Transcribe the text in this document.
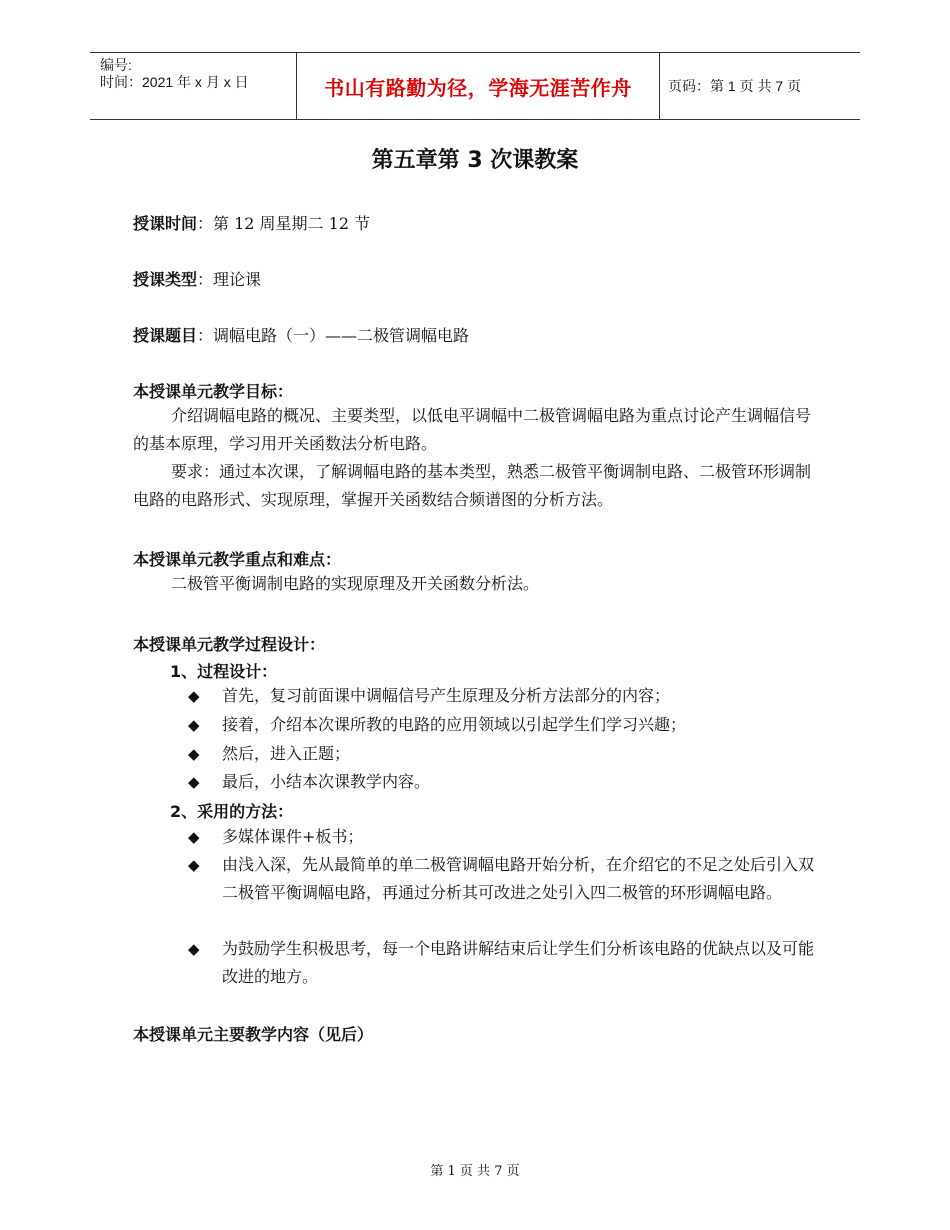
编号:
时间：2021 年 x 月 x 日	书山有路勤为径，学海无涯苦作舟	页码：第 1 页 共 7 页
第五章第 3 次课教案
授课时间：第 12 周星期二 12 节
授课类型：理论课
授课题目：调幅电路（一）——二极管调幅电路
本授课单元教学目标：
介绍调幅电路的概况、主要类型，以低电平调幅中二极管调幅电路为重点讨论产生调幅信号的基本原理，学习用开关函数法分析电路。
要求：通过本次课，了解调幅电路的基本类型，熟悉二极管平衡调制电路、二极管环形调制电路的电路形式、实现原理，掌握开关函数结合频谱图的分析方法。
本授课单元教学重点和难点：
二极管平衡调制电路的实现原理及开关函数分析法。
本授课单元教学过程设计：
1、过程设计：
◆	首先，复习前面课中调幅信号产生原理及分析方法部分的内容；
◆	接着，介绍本次课所教的电路的应用领域以引起学生们学习兴趣；
◆	然后，进入正题；
◆	最后，小结本次课教学内容。
2、采用的方法：
◆	多媒体课件+板书；
◆	由浅入深，先从最简单的单二极管调幅电路开始分析，在介绍它的不足之处后引入双二极管平衡调幅电路，再通过分析其可改进之处引入四二极管的环形调幅电路。
◆	为鼓励学生积极思考，每一个电路讲解结束后让学生们分析该电路的优缺点以及可能改进的地方。
本授课单元主要教学内容（见后）
第 1 页 共 7 页
